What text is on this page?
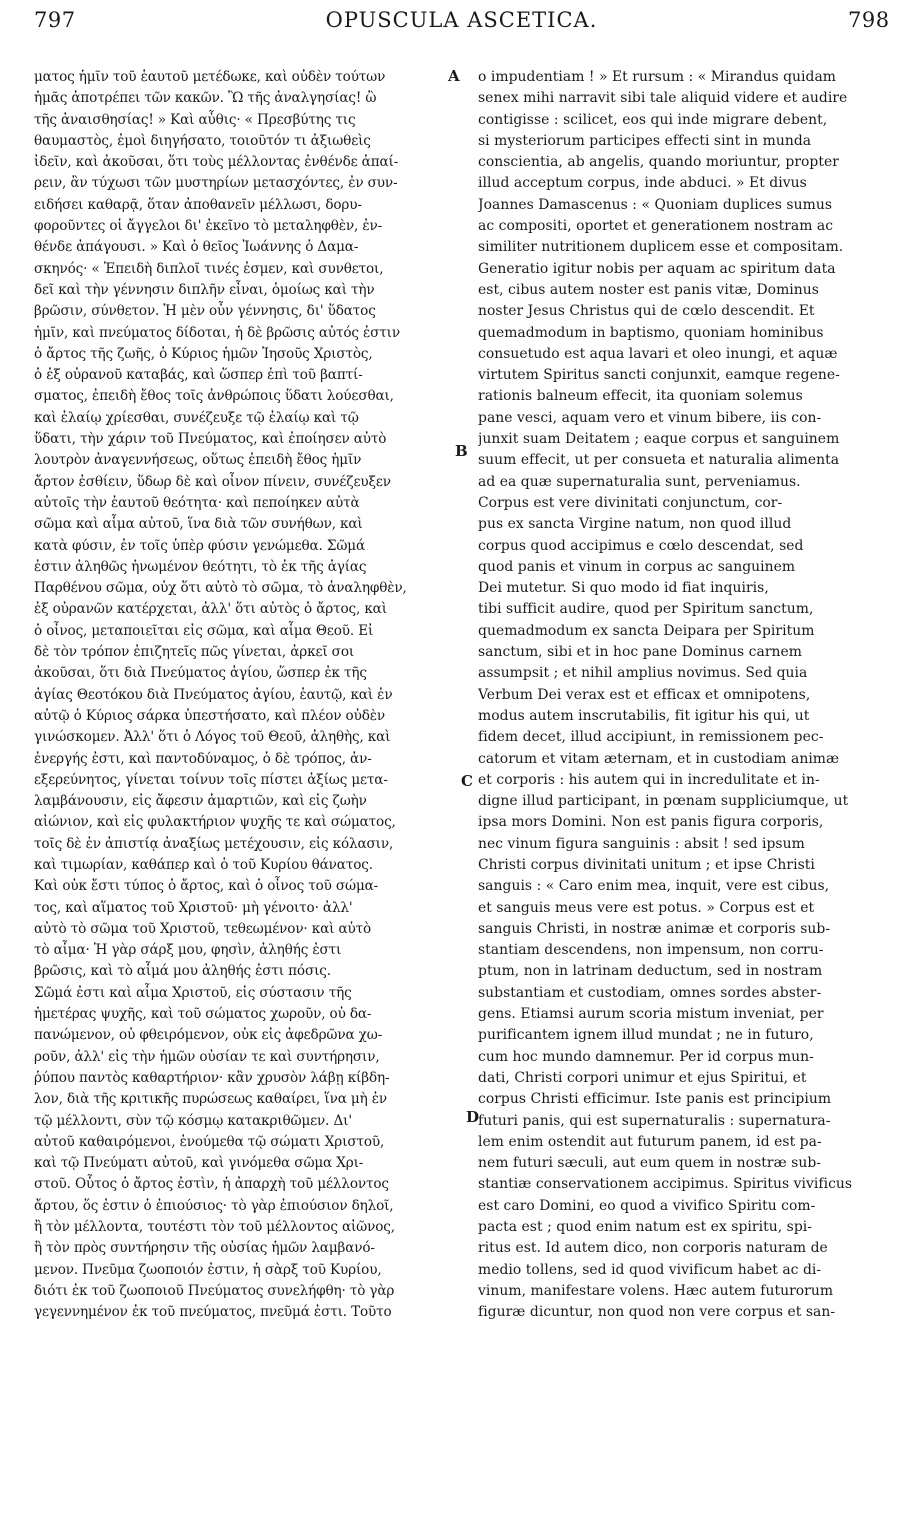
797	OPUSCULA ASCETICA.	798
ματος ἡμῖν τοῦ ἑαυτοῦ μετέδωκε, καὶ οὐδὲν τούτων
ἡμᾶς ἀποτρέπει τῶν κακῶν. Ὢ τῆς ἀναλγησίας! ὢ
τῆς ἀναισθησίας! » Καὶ αὖθις· « Πρεσβύτης τις
θαυμαστὸς, ἐμοὶ διηγήσατο, τοιοῦτόν τι ἀξιωθεὶς
ἰδεῖν, καὶ ἀκοῦσαι, ὅτι τοὺς μέλλοντας ἐνθένδε ἀπαί-
ρειν, ἂν τύχωσι τῶν μυστηρίων μετασχόντες, ἐν συν-
ειδήσει καθαρᾷ, ὅταν ἀποθανεῖν μέλλωσι, δορυ-
φοροῦντες οἱ ἄγγελοι δι' ἐκεῖνο τὸ μεταληφθὲν, ἐν-
θένδε ἀπάγουσι. » Καὶ ὁ θεῖος Ἰωάννης ὁ Δαμα-
σκηνός· « Ἐπειδὴ διπλοῖ τινές ἐσμεν, καὶ συνθετοι,
δεῖ καὶ τὴν γέννησιν διπλῆν εἶναι, ὁμοίως καὶ τὴν
βρῶσιν, σύνθετον. Ἡ μὲν οὖν γέννησις, δι' ὕδατος
ἡμῖν, καὶ πνεύματος δίδοται, ἡ δὲ βρῶσις αὐτός ἐστιν
ὁ ἄρτος τῆς ζωῆς, ὁ Κύριος ἡμῶν Ἰησοῦς Χριστὸς,
ὁ ἐξ οὐρανοῦ καταβάς, καὶ ὥσπερ ἐπὶ τοῦ βαπτί-
σματος, ἐπειδὴ ἔθος τοῖς ἀνθρώποις ὕδατι λούεσθαι,
καὶ ἐλαίῳ χρίεσθαι, συνέζευξε τῷ ἐλαίῳ καὶ τῷ
ὕδατι, τὴν χάριν τοῦ Πνεύματος, καὶ ἐποίησεν αὐτὸ
λουτρὸν ἀναγεννήσεως, οὕτως ἐπειδὴ ἔθος ἡμῖν
ἄρτον ἐσθίειν, ὕδωρ δὲ καὶ οἶνον πίνειν, συνέζευξεν
αὐτοῖς τὴν ἑαυτοῦ θεότητα· καὶ πεποίηκεν αὐτὰ
σῶμα καὶ αἷμα αὐτοῦ, ἵνα διὰ τῶν συνήθων, καὶ
κατὰ φύσιν, ἐν τοῖς ὑπὲρ φύσιν γενώμεθα. Σῶμά
ἐστιν ἀληθῶς ἡνωμένον θεότητι, τὸ ἐκ τῆς ἁγίας
Παρθένου σῶμα, οὐχ ὅτι αὐτὸ τὸ σῶμα, τὸ ἀναληφθὲν,
ἐξ οὐρανῶν κατέρχεται, ἀλλ' ὅτι αὐτὸς ὁ ἄρτος, καὶ
ὁ οἶνος, μεταποιεῖται εἰς σῶμα, καὶ αἷμα Θεοῦ. Εἰ
δὲ τὸν τρόπον ἐπιζητεῖς πῶς γίνεται, ἀρκεῖ σοι
ἀκοῦσαι, ὅτι διὰ Πνεύματος ἁγίου, ὥσπερ ἐκ τῆς
ἁγίας Θεοτόκου διὰ Πνεύματος ἁγίου, ἑαυτῷ, καὶ ἐν
αὐτῷ ὁ Κύριος σάρκα ὑπεστήσατο, καὶ πλέον οὐδὲν
γινώσκομεν. Ἀλλ' ὅτι ὁ Λόγος τοῦ Θεοῦ, ἀληθὴς, καὶ
ἐνεργής ἐστι, καὶ παντοδύναμος, ὁ δὲ τρόπος, ἀν-
εξερεύνητος, γίνεται τοίνυν τοῖς πίστει ἀξίως μετα-
λαμβάνουσιν, εἰς ἄφεσιν ἁμαρτιῶν, καὶ εἰς ζωὴν
αἰώνιον, καὶ εἰς φυλακτήριον ψυχῆς τε καὶ σώματος,
τοῖς δὲ ἐν ἀπιστίᾳ ἀναξίως μετέχουσιν, εἰς κόλασιν,
καὶ τιμωρίαν, καθάπερ καὶ ὁ τοῦ Κυρίου θάνατος.
Καὶ οὐκ ἔστι τύπος ὁ ἄρτος, καὶ ὁ οἶνος τοῦ σώμα-
τος, καὶ αἵματος τοῦ Χριστοῦ· μὴ γένοιτο· ἀλλ'
αὐτὸ τὸ σῶμα τοῦ Χριστοῦ, τεθεωμένον· καὶ αὐτὸ
τὸ αἷμα· Ἡ γὰρ σάρξ μου, φησὶν, ἀληθής ἐστι
βρῶσις, καὶ τὸ αἷμά μου ἀληθής ἐστι πόσις.
Σῶμά ἐστι καὶ αἷμα Χριστοῦ, εἰς σύστασιν τῆς
ἡμετέρας ψυχῆς, καὶ τοῦ σώματος χωροῦν, οὐ δα-
πανώμενον, οὐ φθειρόμενον, οὐκ εἰς ἀφεδρῶνα χω-
ροῦν, ἀλλ' εἰς τὴν ἡμῶν οὐσίαν τε καὶ συντήρησιν,
ῥύπου παντὸς καθαρτήριον· κἂν χρυσὸν λάβῃ κίβδη-
λον, διὰ τῆς κριτικῆς πυρώσεως καθαίρει, ἵνα μὴ ἐν
τῷ μέλλοντι, σὺν τῷ κόσμῳ κατακριθῶμεν. Δι'
αὐτοῦ καθαιρόμενοι, ἑνούμεθα τῷ σώματι Χριστοῦ,
καὶ τῷ Πνεύματι αὐτοῦ, καὶ γινόμεθα σῶμα Χρι-
στοῦ. Οὗτος ὁ ἄρτος ἐστὶν, ἡ ἀπαρχὴ τοῦ μέλλοντος
ἄρτου, ὅς ἐστιν ὁ ἐπιούσιος· τὸ γὰρ ἐπιούσιον δηλοῖ,
ἢ τὸν μέλλοντα, τουτέστι τὸν τοῦ μέλλοντος αἰῶνος,
ἢ τὸν πρὸς συντήρησιν τῆς οὐσίας ἡμῶν λαμβανό-
μενον. Πνεῦμα ζωοποιόν ἐστιν, ἡ σὰρξ τοῦ Κυρίου,
διότι ἐκ τοῦ ζωοποιοῦ Πνεύματος συνελήφθη· τὸ γὰρ
γεγεννημένον ἐκ τοῦ πνεύματος, πνεῦμά ἐστι. Τοῦτο
o impudentiam ! » Et rursum : « Mirandus quidam
senex mihi narravit sibi tale aliquid videre et audire
contigisse : scilicet, eos qui inde migrare debent,
si mysteriorum participes effecti sint in munda
conscientia, ab angelis, quando moriuntur, propter
illud acceptum corpus, inde abduci. » Et divus
Joannes Damascenus : « Quoniam duplices sumus
ac compositi, oportet et generationem nostram ac
similiter nutritionem duplicem esse et compositam.
Generatio igitur nobis per aquam ac spiritum data
est, cibus autem noster est panis vitæ, Dominus
noster Jesus Christus qui de cœlo descendit. Et
quemadmodum in baptismo, quoniam hominibus
consuetudo est aqua lavari et oleo inungi, et aquæ
virtutem Spiritus sancti conjunxit, eamque regene-
rationis balneum effecit, ita quoniam solemus
pane vesci, aquam vero et vinum bibere, iis con-
junxit suam Deitatem ; eaque corpus et sanguinem
suum effecit, ut per consueta et naturalia alimenta
ad ea quæ supernaturalia sunt, perveniamus.
Corpus est vere divinitati conjunctum, cor-
pus ex sancta Virgine natum, non quod illud
corpus quod accipimus e cœlo descendat, sed
quod panis et vinum in corpus ac sanguinem
Dei mutetur. Si quo modo id fiat inquiris,
tibi sufficit audire, quod per Spiritum sanctum,
quemadmodum ex sancta Deipara per Spiritum
sanctum, sibi et in hoc pane Dominus carnem
assumpsit ; et nihil amplius novimus. Sed quia
Verbum Dei verax est et efficax et omnipotens,
modus autem inscrutabilis, fit igitur his qui, ut
fidem decet, illud accipiunt, in remissionem pec-
catorum et vitam æternam, et in custodiam animæ
et corporis : his autem qui in incredulitate et in-
digne illud participant, in pœnam suppliciumque, ut
ipsa mors Domini. Non est panis figura corporis,
nec vinum figura sanguinis : absit ! sed ipsum
Christi corpus divinitati unitum ; et ipse Christi
sanguis : « Caro enim mea, inquit, vere est cibus,
et sanguis meus vere est potus. » Corpus est et
sanguis Christi, in nostræ animæ et corporis sub-
stantiam descendens, non impensum, non corru-
ptum, non in latrinam deductum, sed in nostram
substantiam et custodiam, omnes sordes abster-
gens. Etiamsi aurum scoria mistum inveniat, per
purificantem ignem illud mundat ; ne in futuro,
cum hoc mundo damnemur. Per id corpus mun-
dati, Christi corpori unimur et ejus Spiritui, et
corpus Christi efficimur. Iste panis est principium
futuri panis, qui est supernaturalis : supernatura-
lem enim ostendit aut futurum panem, id est pa-
nem futuri sæculi, aut eum quem in nostræ sub-
stantiæ conservationem accipimus. Spiritus vivificus
est caro Domini, eo quod a vivifico Spiritu com-
pacta est ; quod enim natum est ex spiritu, spi-
ritus est. Id autem dico, non corporis naturam de
medio tollens, sed id quod vivificum habet ac di-
vinum, manifestare volens. Hæc autem futurorum
figuræ dicuntur, non quod non vere corpus et san-
A
B
C
D
